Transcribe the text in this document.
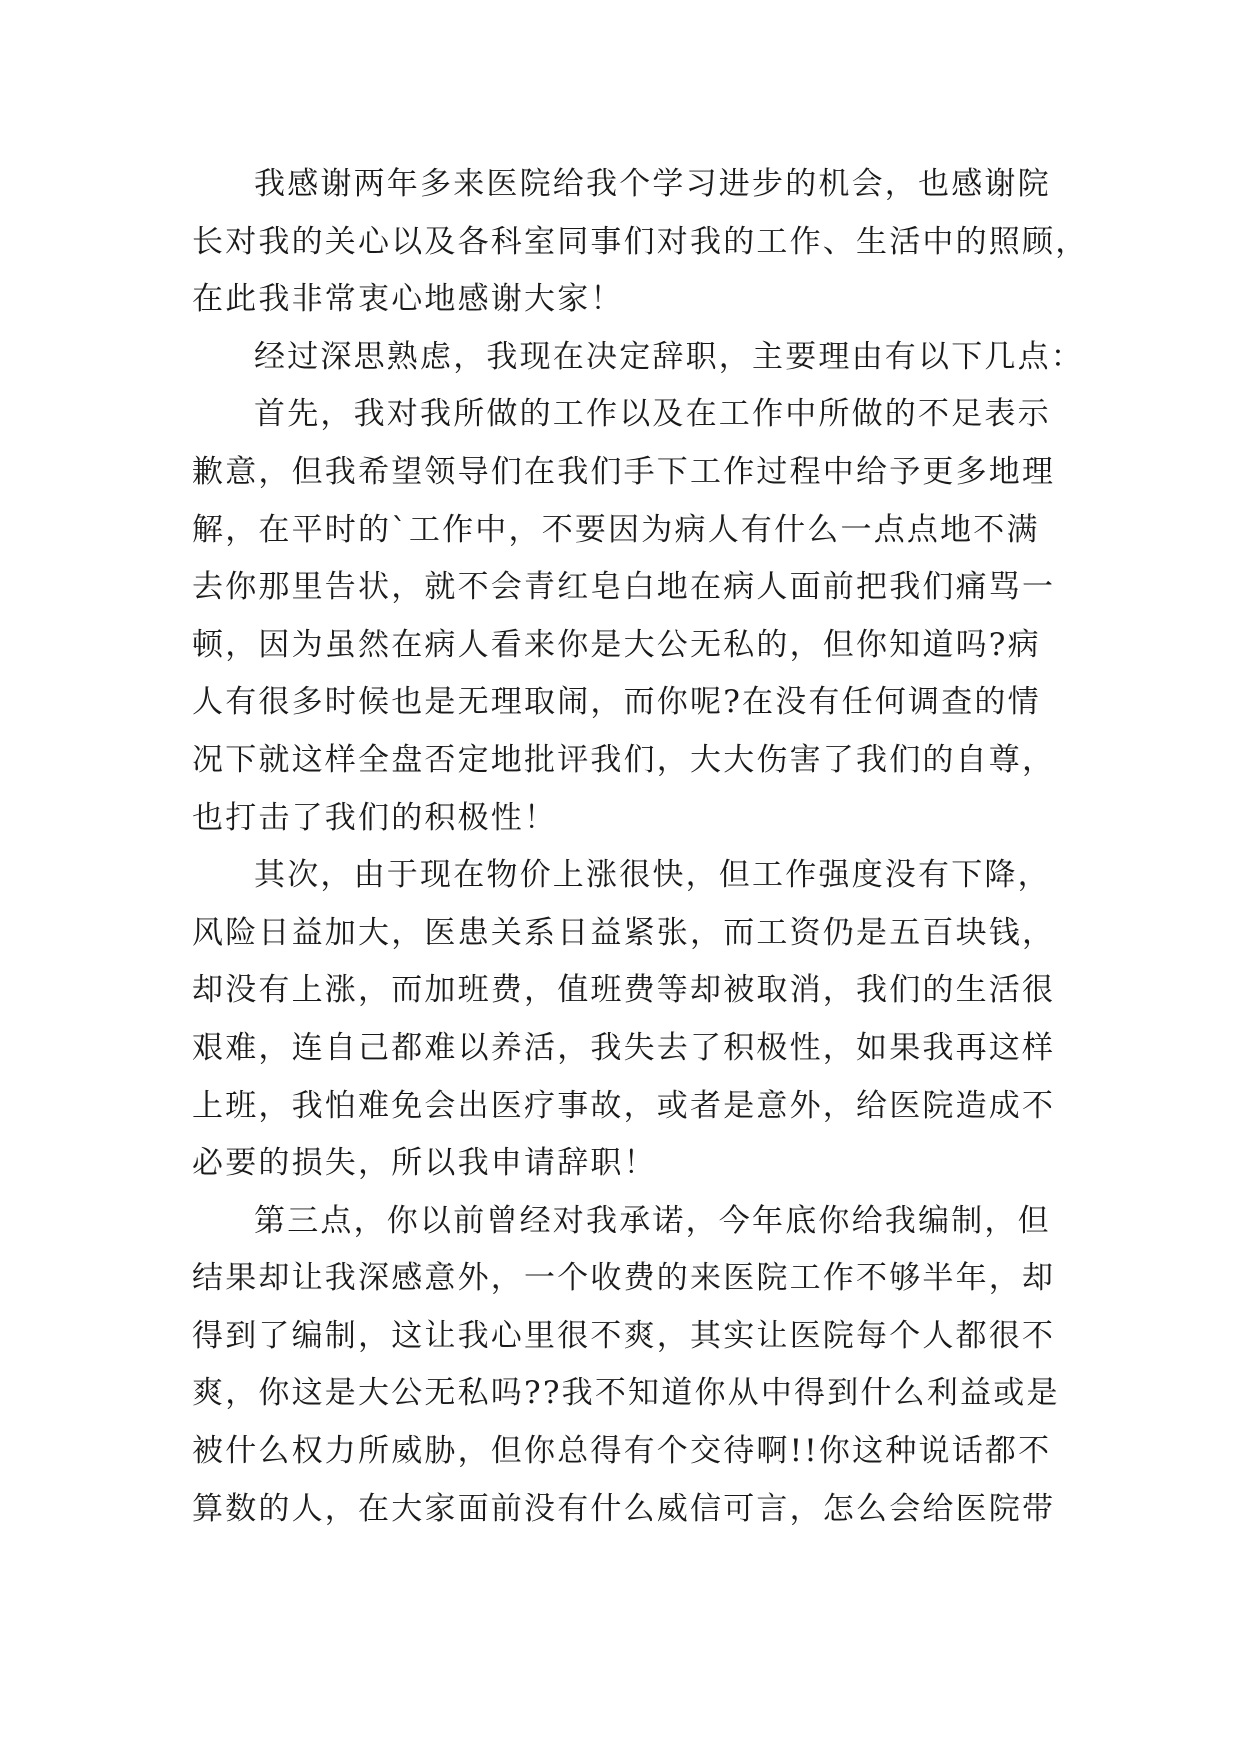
我感谢两年多来医院给我个学习进步的机会，也感谢院
长对我的关心以及各科室同事们对我的工作、生活中的照顾，
在此我非常衷心地感谢大家！
经过深思熟虑，我现在决定辞职，主要理由有以下几点：
首先，我对我所做的工作以及在工作中所做的不足表示
歉意，但我希望领导们在我们手下工作过程中给予更多地理
解，在平时的`工作中，不要因为病人有什么一点点地不满
去你那里告状，就不会青红皂白地在病人面前把我们痛骂一
顿，因为虽然在病人看来你是大公无私的，但你知道吗?病
人有很多时候也是无理取闹，而你呢?在没有任何调查的情
况下就这样全盘否定地批评我们，大大伤害了我们的自尊，
也打击了我们的积极性！
其次，由于现在物价上涨很快，但工作强度没有下降，
风险日益加大，医患关系日益紧张，而工资仍是五百块钱，
却没有上涨，而加班费，值班费等却被取消，我们的生活很
艰难，连自己都难以养活，我失去了积极性，如果我再这样
上班，我怕难免会出医疗事故，或者是意外，给医院造成不
必要的损失，所以我申请辞职！
第三点，你以前曾经对我承诺，今年底你给我编制，但
结果却让我深感意外，一个收费的来医院工作不够半年，却
得到了编制，这让我心里很不爽，其实让医院每个人都很不
爽，你这是大公无私吗??我不知道你从中得到什么利益或是
被什么权力所威胁，但你总得有个交待啊!!你这种说话都不
算数的人，在大家面前没有什么威信可言，怎么会给医院带
